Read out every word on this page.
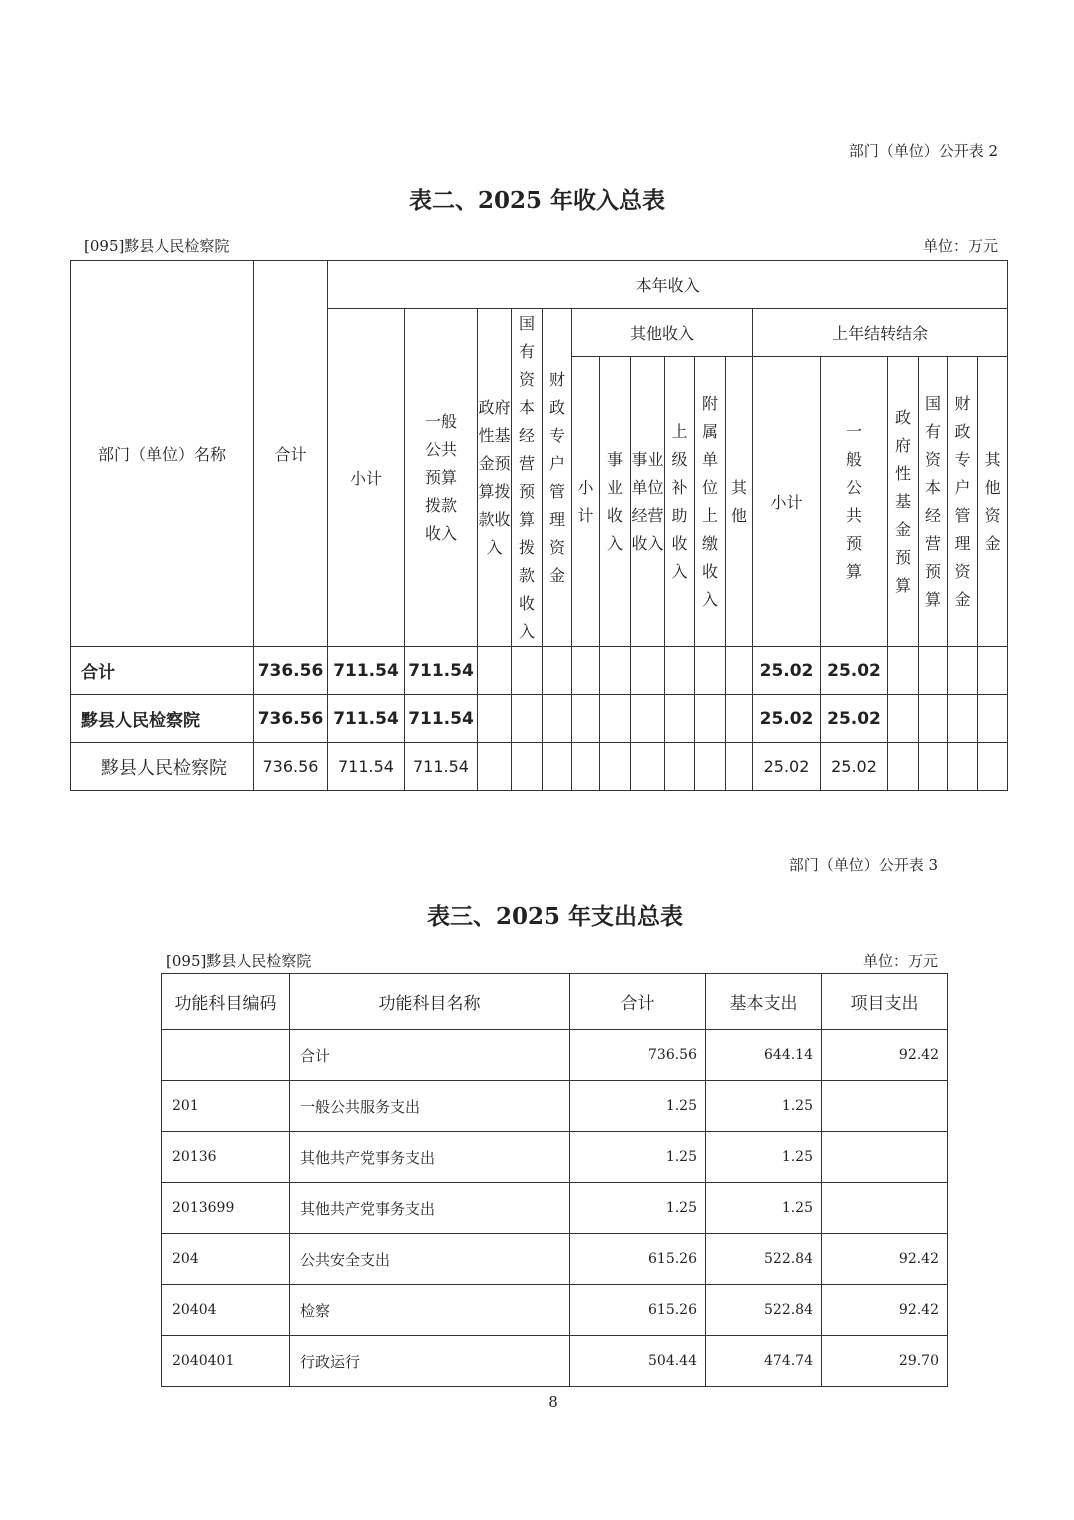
部门（单位）公开表 2
表二、2025 年收入总表
[095]黟县人民检察院	单位：万元
部门（单位）名称	合计	本年收入																
		小计	一般公共预算拨款收入	政府性基金预算拨款收入	国有资本经营预算拨款收入	财政专户管理资金	其他收入						上年结转结余					
							小计	事业收入	事业单位经营收入	上级补助收入	附属单位上缴收入	其他	小计	一般公共预算	政府性基金预算	国有资本经营预算	财政专户管理资金	其他资金
合计	736.56	711.54	711.54										25.02	25.02				
黟县人民检察院	736.56	711.54	711.54										25.02	25.02				
黟县人民检察院	736.56	711.54	711.54										25.02	25.02				
部门（单位）公开表 3
表三、2025 年支出总表
[095]黟县人民检察院	单位：万元
功能科目编码	功能科目名称	合计	基本支出	项目支出
	合计	736.56	644.14	92.42
201	一般公共服务支出	1.25	1.25	
20136	其他共产党事务支出	1.25	1.25	
2013699	其他共产党事务支出	1.25	1.25	
204	公共安全支出	615.26	522.84	92.42
20404	检察	615.26	522.84	92.42
2040401	行政运行	504.44	474.74	29.70
8
